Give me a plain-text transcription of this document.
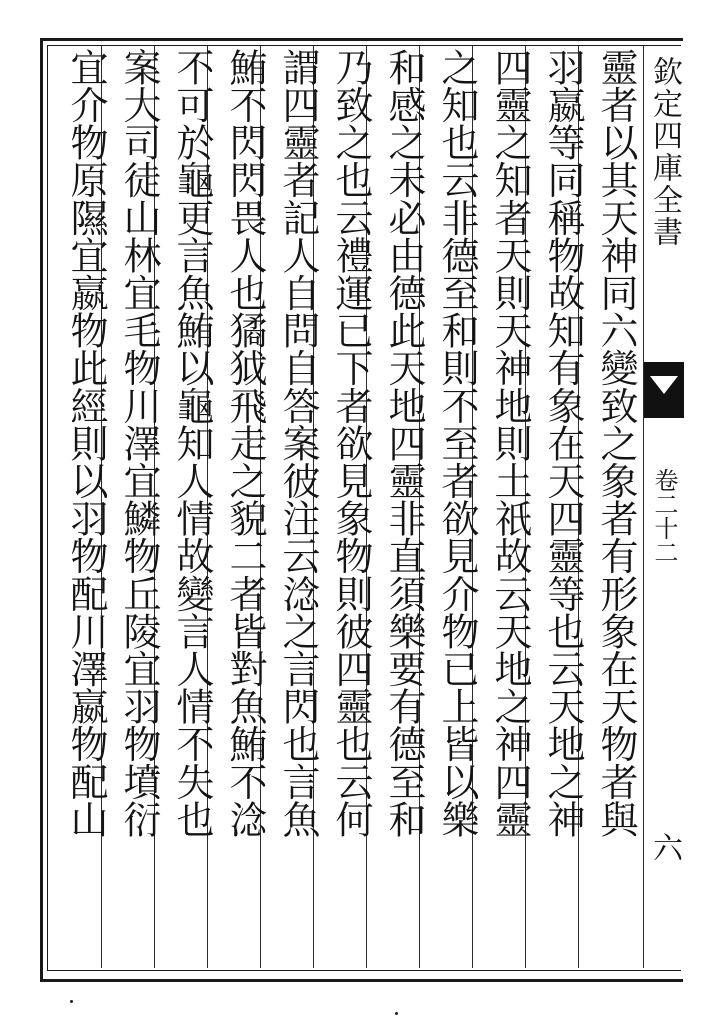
靈者以其天神同六變致之象者有形象在天物者與
羽嬴等同稱物故知有象在天四靈等也云天地之神
四靈之知者天則天神地則土祇故云天地之神四靈
之知也云非德至和則不至者欲見介物已上皆以樂
和感之未必由德此天地四靈非直須樂要有德至和
乃致之也云禮運已下者欲見象物則彼四靈也云何
謂四靈者記人自問自答案彼注云淰之言閃也言魚
鮪不閃閃畏人也獝狘飛走之貌二者皆對魚鮪不淰
不可於龜更言魚鮪以龜知人情故變言人情不失也
案大司徒山林宜毛物川澤宜鱗物丘陵宜羽物墳衍
宜介物原隰宜嬴物此經則以羽物配川澤嬴物配山	欽定四庫全書
卷二十二
六
